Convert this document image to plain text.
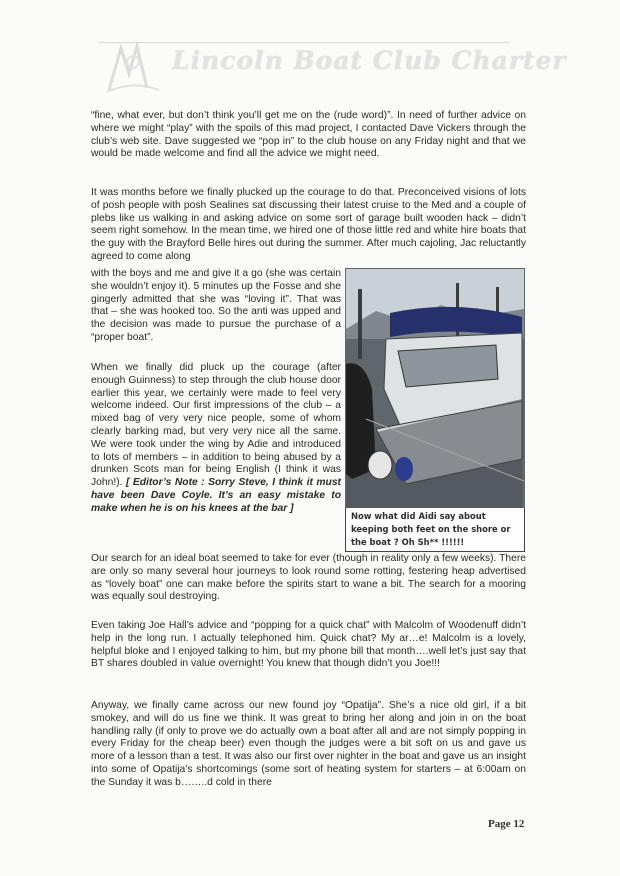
Lincoln Boat Club Charter

“fine, what ever, but don’t think you’ll get me on the (rude word)”. In need of further advice on where we might “play” with the spoils of this mad project, I contacted Dave Vickers through the club’s web site. Dave suggested we “pop in” to the club house on any Friday night and that we would be made welcome and find all the advice we might need.

It was months before we finally plucked up the courage to do that. Preconceived visions of lots of posh people with posh Sealines sat discussing their latest cruise to the Med and a couple of plebs like us walking in and asking advice on some sort of garage built wooden hack – didn’t seem right somehow. In the mean time, we hired one of those little red and white hire boats that the guy with the Brayford Belle hires out during the summer. After much cajoling, Jac reluctantly agreed to come along

with the boys and me and give it a go (she was certain she wouldn’t enjoy it). 5 minutes up the Fosse and she gingerly admitted that she was “loving it”. That was that – she was hooked too. So the anti was upped and the decision was made to pursue the purchase of a “proper boat”.

When we finally did pluck up the courage (after enough Guinness) to step through the club house door earlier this year, we certainly were made to feel very welcome indeed. Our first impressions of the club – a mixed bag of very very nice people, some of whom clearly barking mad, but very very nice all the same. We were took under the wing by Adie and introduced to lots of members – in addition to being abused by a drunken Scots man for being English (I think it was John!). [ Editor’s Note : Sorry Steve, I think it must have been Dave Coyle. It’s an easy mistake to make when he is on his knees at the bar ]

Now what did Aidi say about keeping both feet on the shore or the boat ? Oh Sh** !!!!!!

Our search for an ideal boat seemed to take for ever (though in reality only a few weeks). There are only so many several hour journeys to look round some rotting, festering heap advertised as “lovely boat” one can make before the spirits start to wane a bit. The search for a mooring was equally soul destroying.

Even taking Joe Hall’s advice and “popping for a quick chat” with Malcolm of Woodenuff didn’t help in the long run. I actually telephoned him. Quick chat? My ar…e! Malcolm is a lovely, helpful bloke and I enjoyed talking to him, but my phone bill that month….well let’s just say that BT shares doubled in value overnight! You knew that though didn’t you Joe!!!

Anyway, we finally came across our new found joy “Opatija”. She’s a nice old girl, if a bit smokey, and will do us fine we think. It was great to bring her along and join in on the boat handling rally (if only to prove we do actually own a boat after all and are not simply popping in every Friday for the cheap beer) even though the judges were a bit soft on us and gave us more of a lesson than a test. It was also our first over nighter in the boat and gave us an insight into some of Opatija’s shortcomings (some sort of heating system for starters – at 6:00am on the Sunday it was b……..d cold in there

Page 12
